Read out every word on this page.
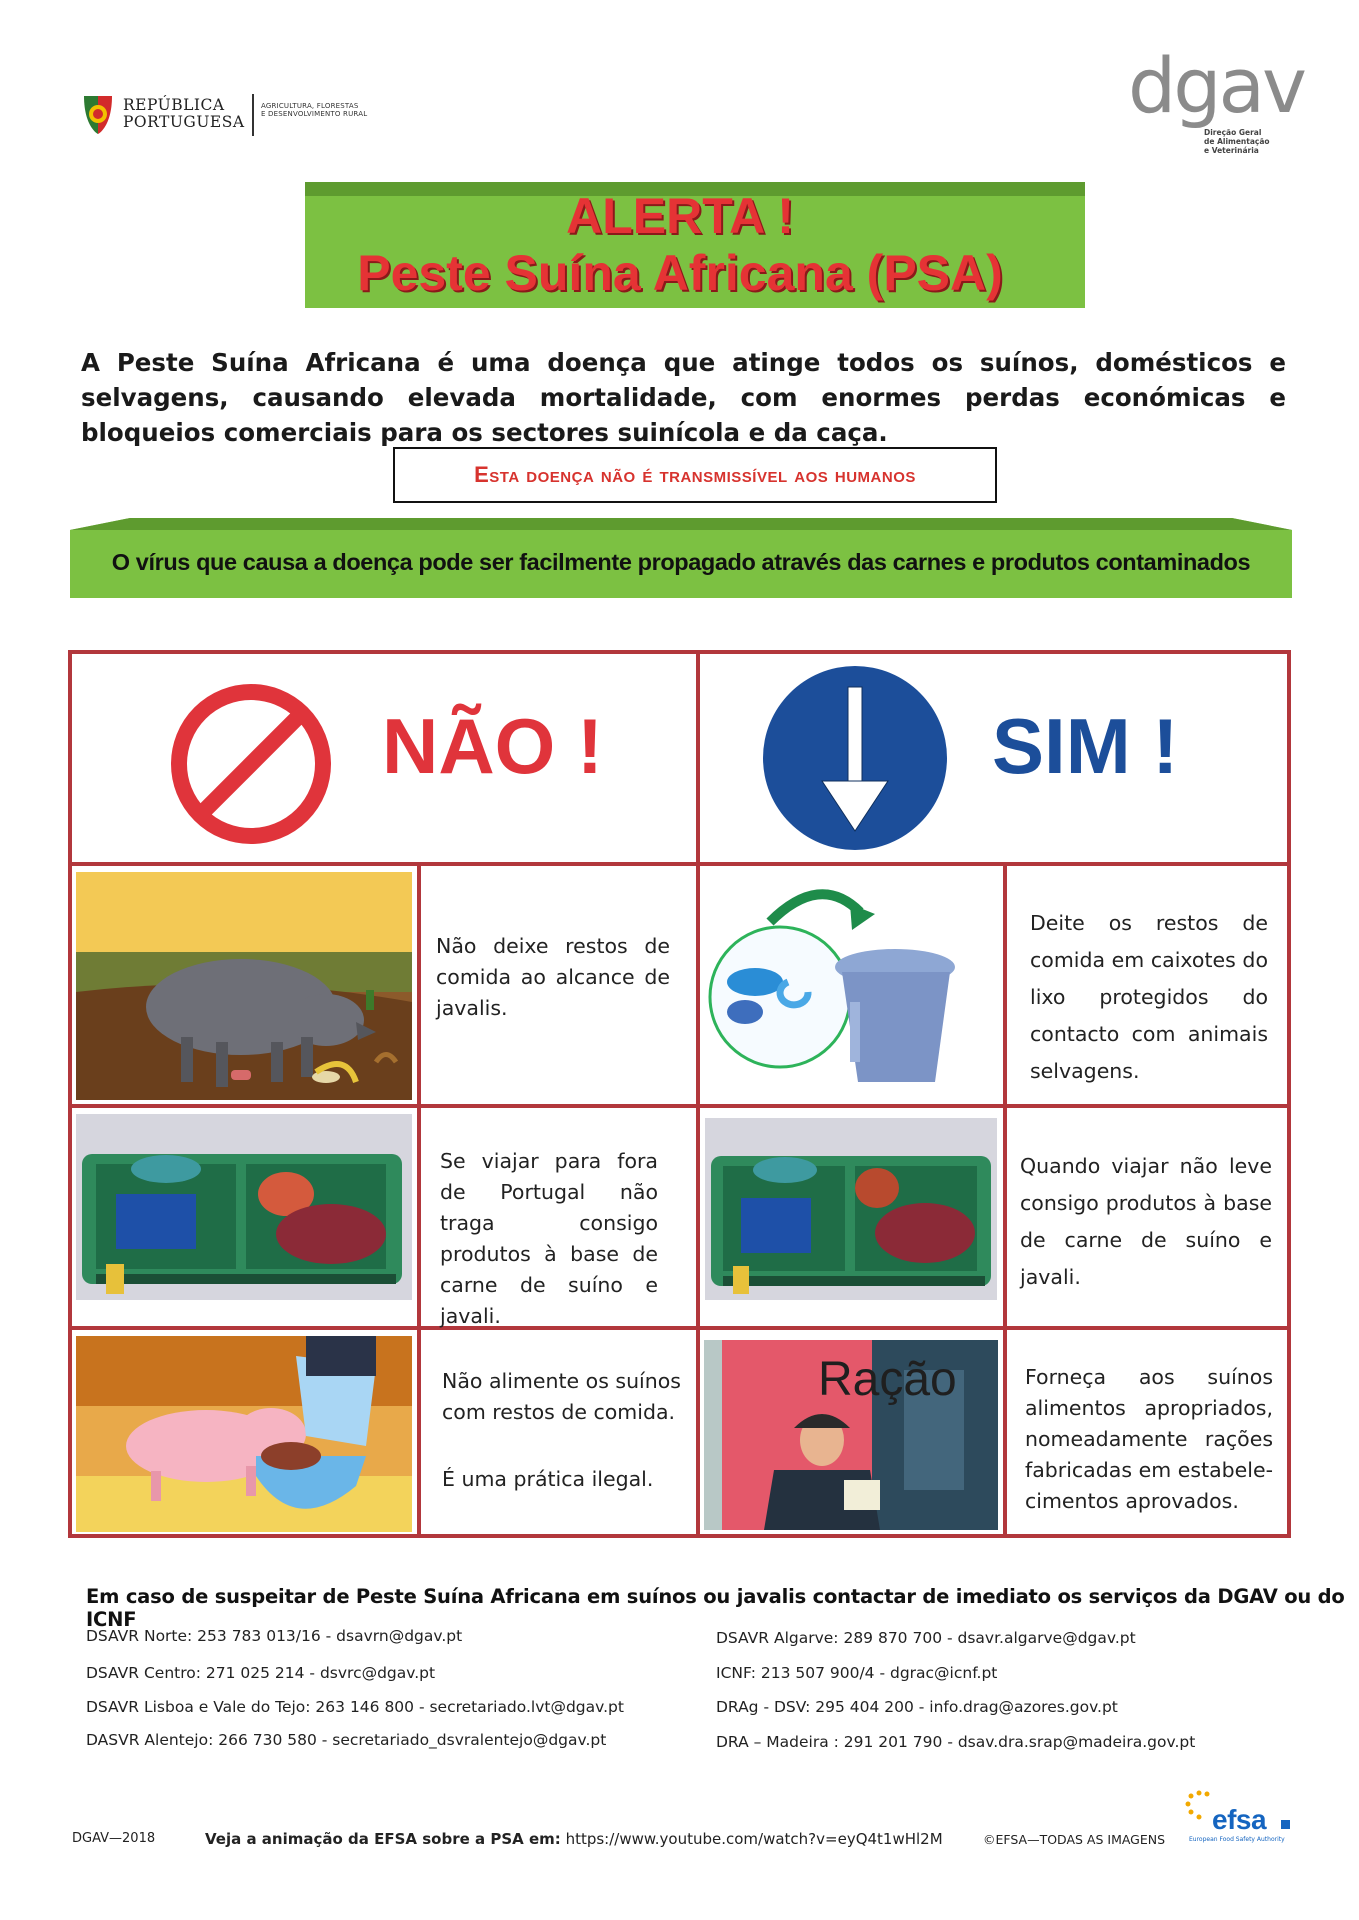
REPÚBLICA
PORTUGUESA
AGRICULTURA, FLORESTAS
E DESENVOLVIMENTO RURAL	dgav
Direção Geral
de Alimentação
e Veterinária
ALERTA !
Peste Suína Africana (PSA)
A Peste Suína Africana é uma doença que atinge todos os suínos, domésticos e selvagens, causando elevada mortalidade, com enormes perdas económicas e bloqueios comerciais para os sectores suinícola e da caça.
Esta doença não é transmissível aos humanos
O vírus que causa a doença pode ser facilmente propagado através das carnes e produtos contaminados
NÃO !	SIM !
Não deixe restos de comida ao alcance de javalis.
Deite os restos de comida em caixotes do lixo protegidos do contacto com animais selvagens.
Se viajar para fora de Portugal não traga consigo produtos à base de carne de suíno e javali.
Quando viajar não leve consigo produtos à base de carne de suíno e javali.
Não alimente os suínos com restos de comida.
É uma prática ilegal.
Ração	Forneça aos suínos alimentos apropriados, nomeadamente rações fabricadas em estabele-cimentos aprovados.
Em caso de suspeitar de Peste Suína Africana em suínos ou javalis contactar de imediato os serviços da DGAV ou do ICNF
DSAVR Norte: 253 783 013/16 - dsavrn@dgav.pt
DSAVR Centro: 271 025 214 - dsvrc@dgav.pt
DSAVR Lisboa e Vale do Tejo: 263 146 800 - secretariado.lvt@dgav.pt
DASVR Alentejo: 266 730 580 - secretariado_dsvralentejo@dgav.pt
DSAVR Algarve: 289 870 700 - dsavr.algarve@dgav.pt
ICNF: 213 507 900/4 - dgrac@icnf.pt
DRAg - DSV: 295 404 200 - info.drag@azores.gov.pt
DRA – Madeira : 291 201 790 - dsav.dra.srap@madeira.gov.pt
DGAV—2018	Veja a animação da EFSA sobre a PSA em: https://www.youtube.com/watch?v=eyQ4t1wHl2M	©EFSA—TODAS AS IMAGENS
efsa
European Food Safety Authority
